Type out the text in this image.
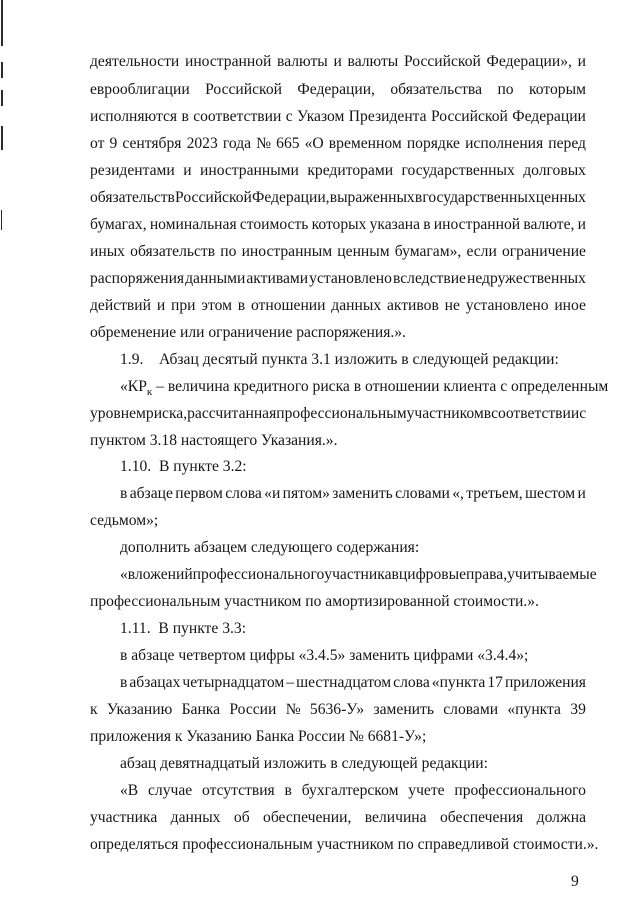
деятельности иностранной валюты и валюты Российской Федерации», и
еврооблигации Российской Федерации, обязательства по которым
исполняются в соответствии с Указом Президента Российской Федерации
от 9 сентября 2023 года № 665 «О временном порядке исполнения перед
резидентами и иностранными кредиторами государственных долговых
обязательств Российской Федерации, выраженных в государственных ценных
бумагах, номинальная стоимость которых указана в иностранной валюте, и
иных обязательств по иностранным ценным бумагам», если ограничение
распоряжения данными активами установлено вследствие недружественных
действий и при этом в отношении данных активов не установлено иное
обременение или ограничение распоряжения.».
1.9.    Абзац десятый пункта 3.1 изложить в следующей редакции:
«$КР_к$ – величина кредитного риска в отношении клиента с определенным
уровнем риска, рассчитанная профессиональным участником в соответствии с
пунктом 3.18 настоящего Указания.».
1.10.  В пункте 3.2:
в абзаце первом слова «и пятом» заменить словами «, третьем, шестом и
седьмом»;
дополнить абзацем следующего содержания:
«вложений профессионального участника в цифровые права, учитываемые
профессиональным участником по амортизированной стоимости.».
1.11.  В пункте 3.3:
в абзаце четвертом цифры «3.4.5» заменить цифрами «3.4.4»;
в абзацах четырнадцатом – шестнадцатом слова «пункта 17 приложения
к Указанию Банка России № 5636-У» заменить словами «пункта 39
приложения к Указанию Банка России № 6681-У»;
абзац девятнадцатый изложить в следующей редакции:
«В случае отсутствия в бухгалтерском учете профессионального
участника данных об обеспечении, величина обеспечения должна
определяться профессиональным участником по справедливой стоимости.».
9
